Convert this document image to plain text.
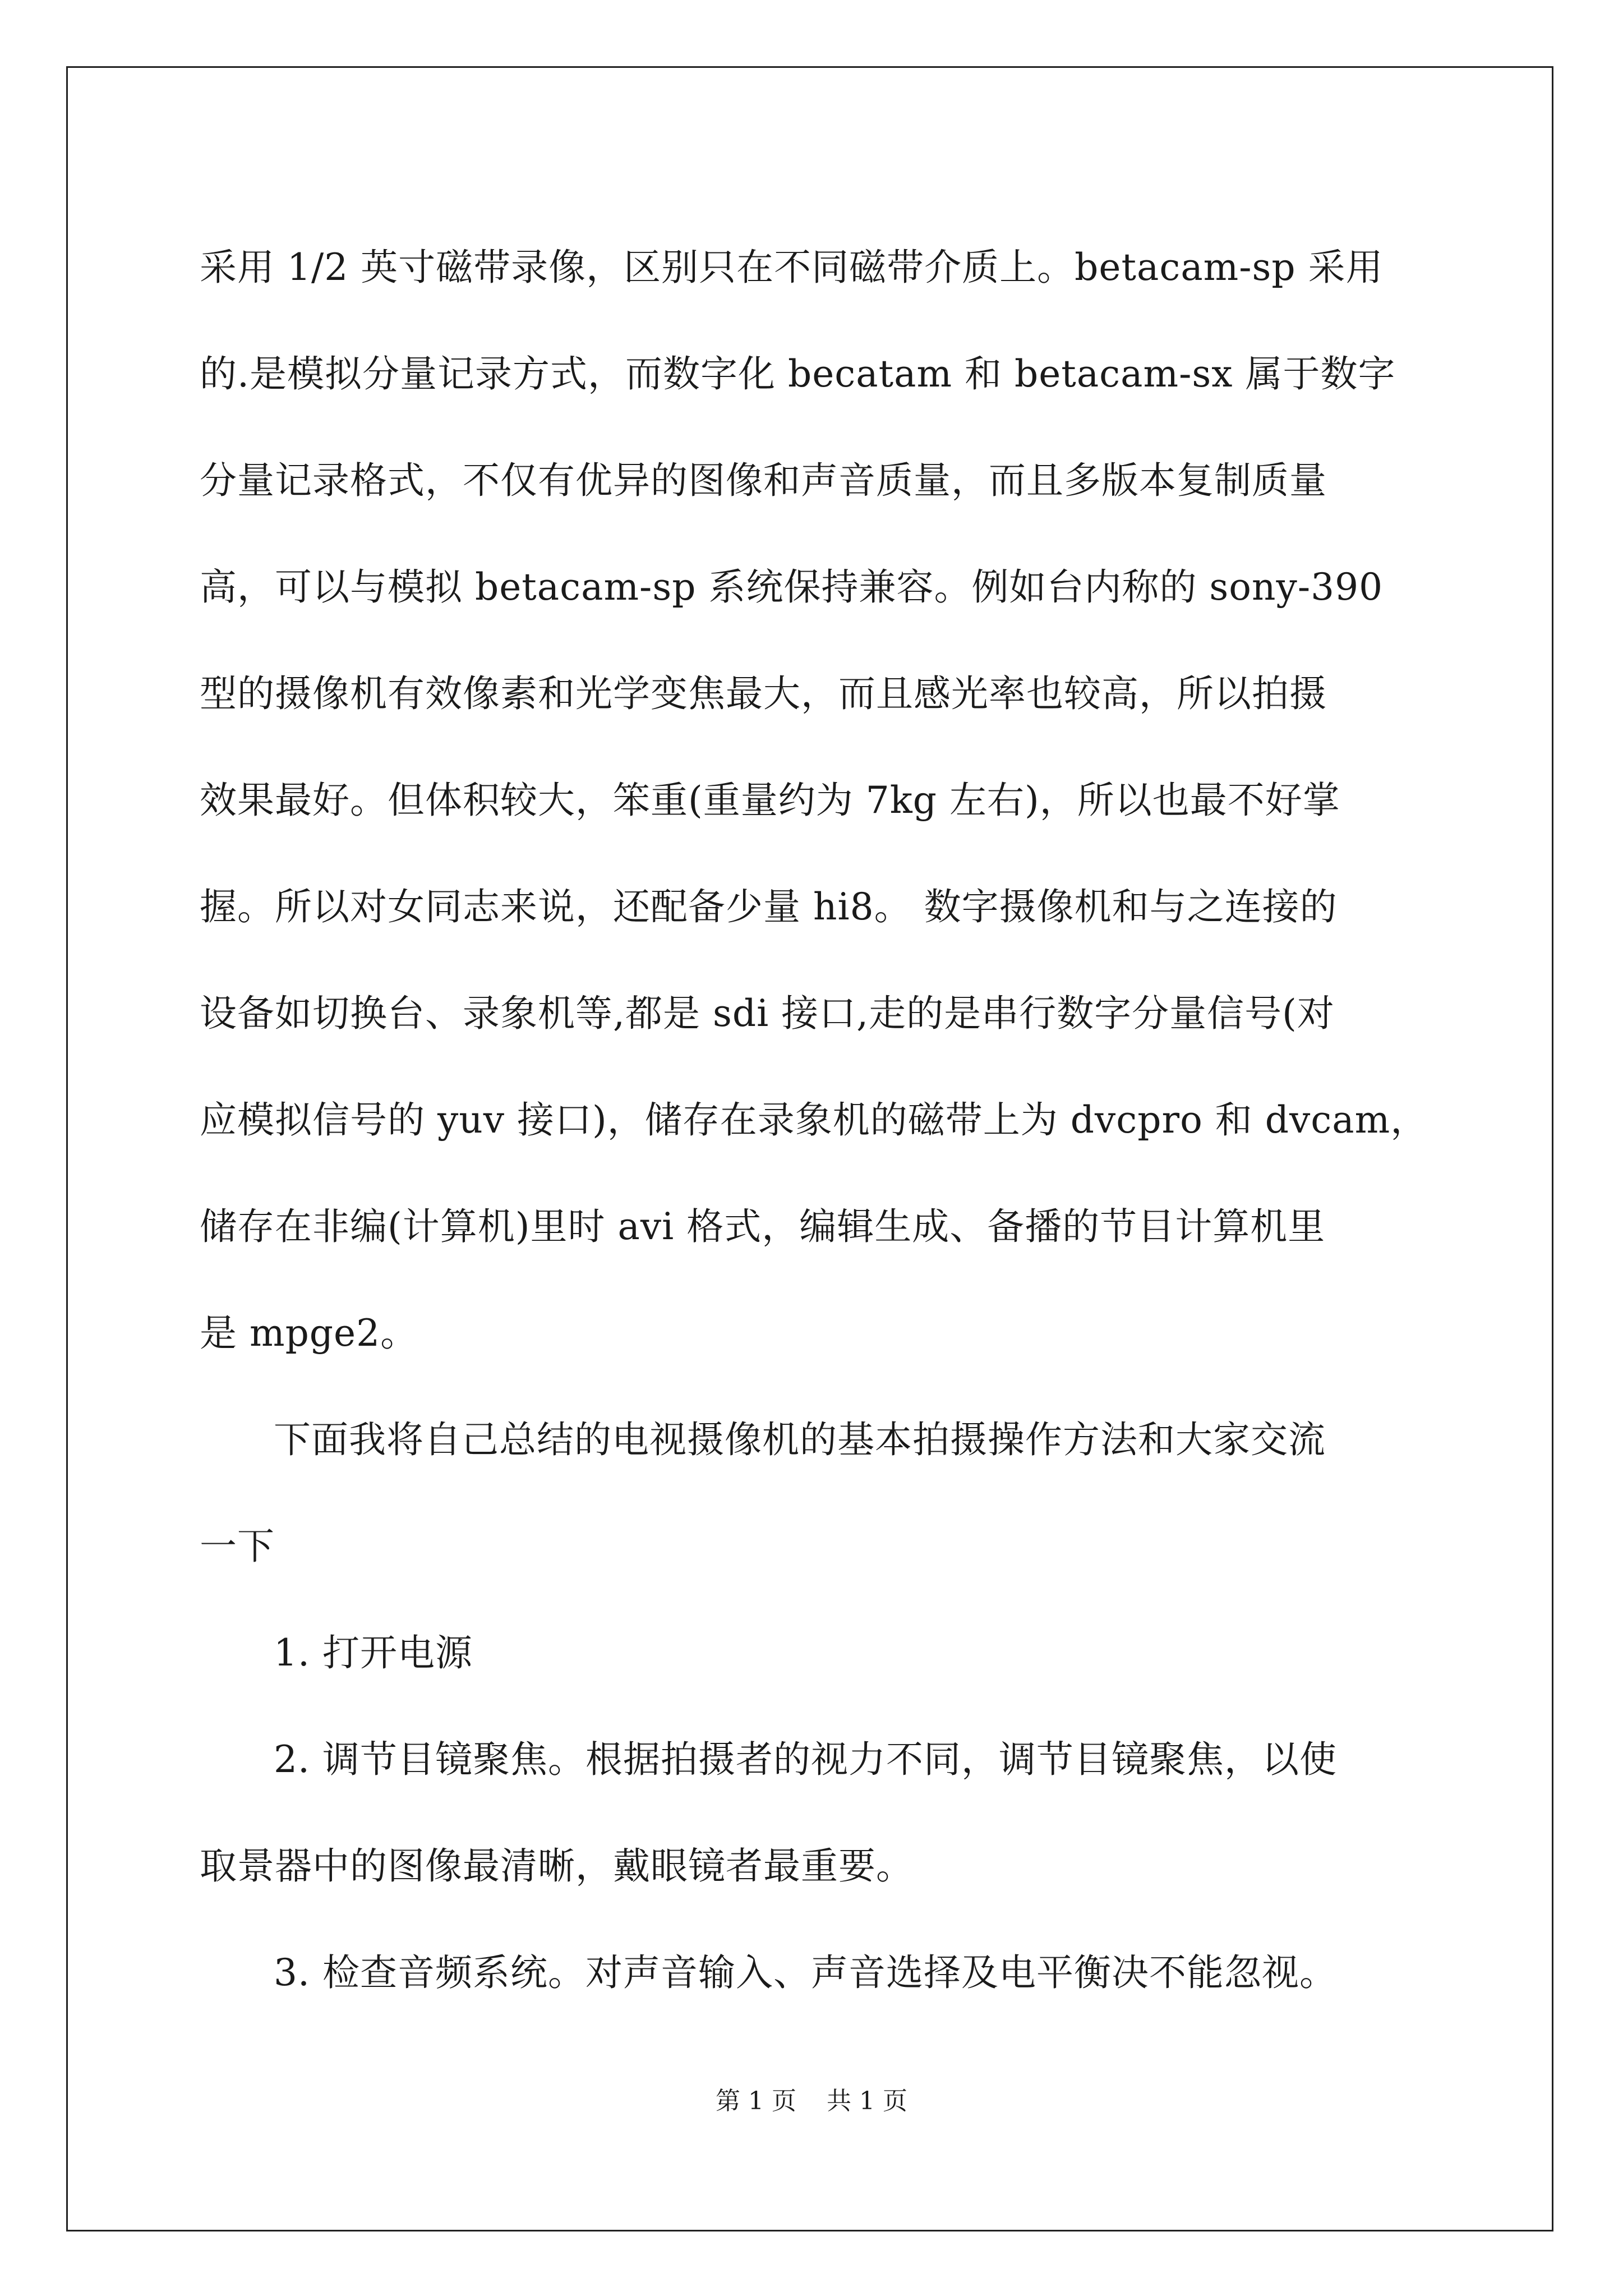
采用 1/2 英寸磁带录像，区别只在不同磁带介质上。betacam-sp 采用
的.是模拟分量记录方式，而数字化 becatam 和 betacam-sx 属于数字
分量记录格式，不仅有优异的图像和声音质量，而且多版本复制质量
高，可以与模拟 betacam-sp 系统保持兼容。例如台内称的 sony-390
型的摄像机有效像素和光学变焦最大，而且感光率也较高，所以拍摄
效果最好。但体积较大，笨重(重量约为 7kg 左右)，所以也最不好掌
握。所以对女同志来说，还配备少量 hi8。 数字摄像机和与之连接的
设备如切换台、录象机等,都是 sdi 接口,走的是串行数字分量信号(对
应模拟信号的 yuv 接口)，储存在录象机的磁带上为 dvcpro 和 dvcam，
储存在非编(计算机)里时 avi 格式，编辑生成、备播的节目计算机里
是 mpge2。

下面我将自己总结的电视摄像机的基本拍摄操作方法和大家交流
一下

1. 打开电源

2. 调节目镜聚焦。根据拍摄者的视力不同，调节目镜聚焦，以使
取景器中的图像最清晰，戴眼镜者最重要。

3. 检查音频系统。对声音输入、声音选择及电平衡决不能忽视。

第 1 页 共 1 页
